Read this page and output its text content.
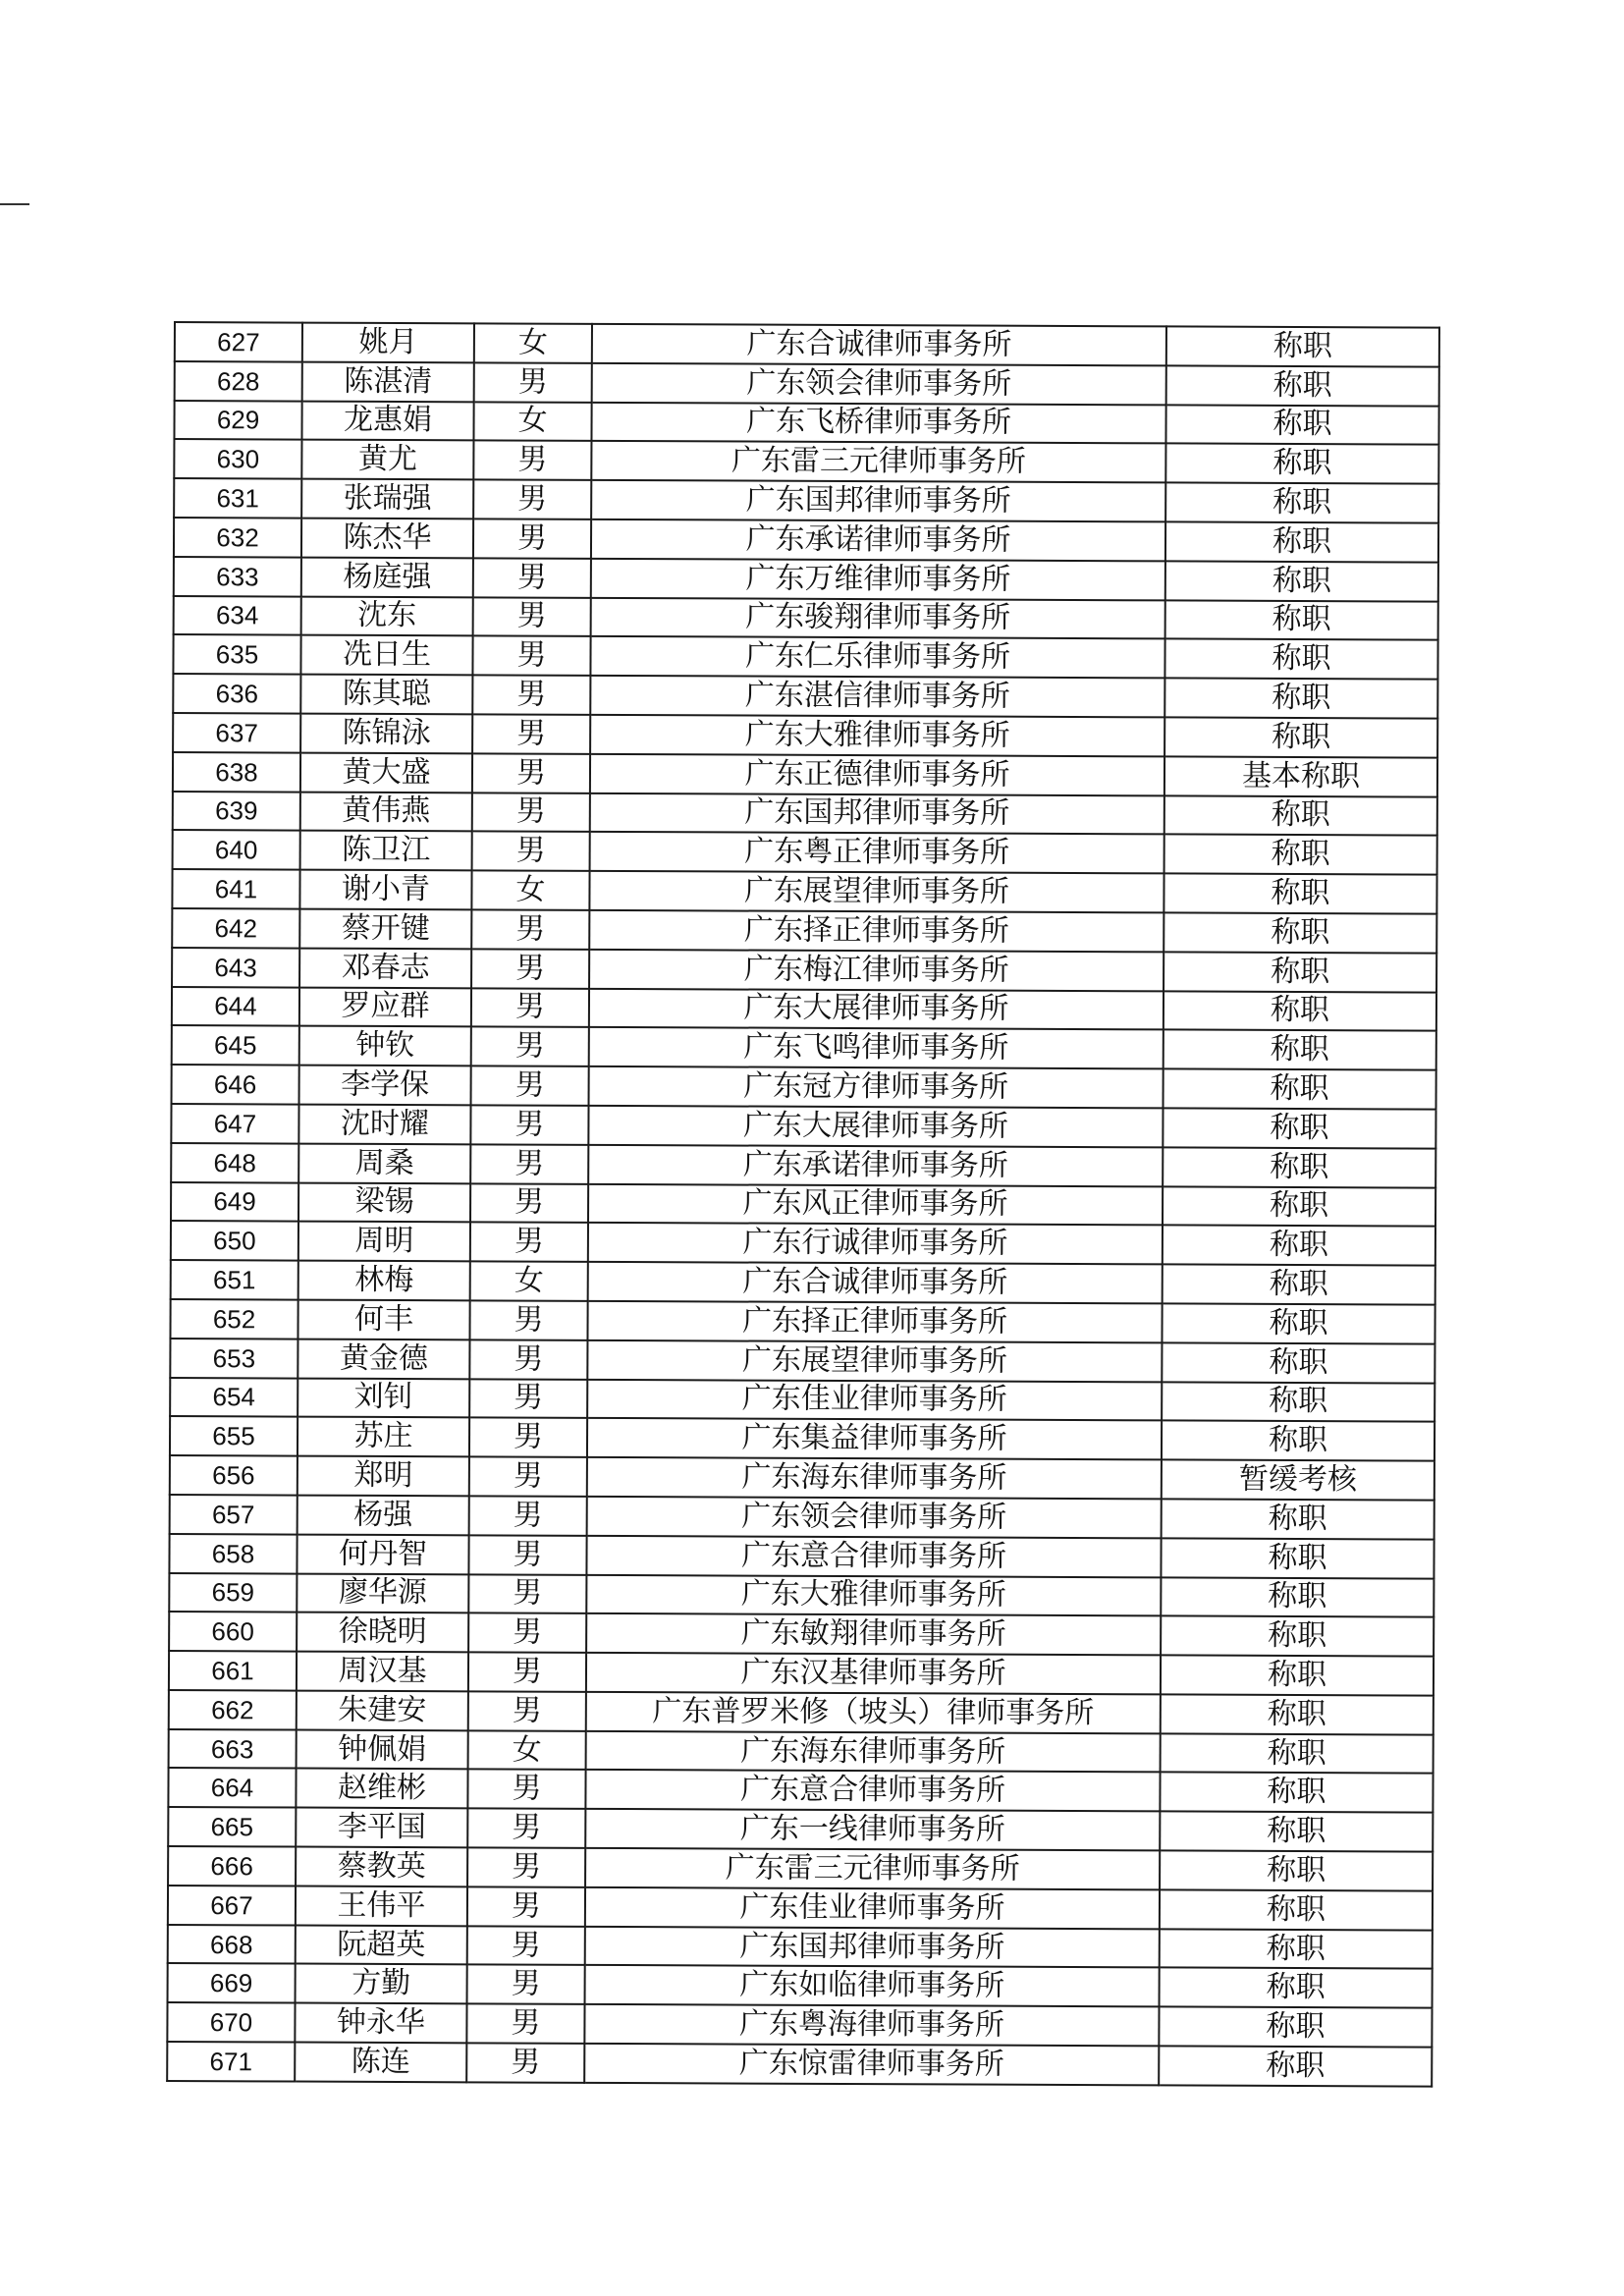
627	姚月	女	广东合诚律师事务所	称职
628	陈湛清	男	广东领会律师事务所	称职
629	龙惠娟	女	广东飞桥律师事务所	称职
630	黄尤	男	广东雷三元律师事务所	称职
631	张瑞强	男	广东国邦律师事务所	称职
632	陈杰华	男	广东承诺律师事务所	称职
633	杨庭强	男	广东万维律师事务所	称职
634	沈东	男	广东骏翔律师事务所	称职
635	冼日生	男	广东仁乐律师事务所	称职
636	陈其聪	男	广东湛信律师事务所	称职
637	陈锦泳	男	广东大雅律师事务所	称职
638	黄大盛	男	广东正德律师事务所	基本称职
639	黄伟燕	男	广东国邦律师事务所	称职
640	陈卫江	男	广东粤正律师事务所	称职
641	谢小青	女	广东展望律师事务所	称职
642	蔡开键	男	广东择正律师事务所	称职
643	邓春志	男	广东梅江律师事务所	称职
644	罗应群	男	广东大展律师事务所	称职
645	钟钦	男	广东飞鸣律师事务所	称职
646	李学保	男	广东冠方律师事务所	称职
647	沈时耀	男	广东大展律师事务所	称职
648	周桑	男	广东承诺律师事务所	称职
649	梁锡	男	广东风正律师事务所	称职
650	周明	男	广东行诚律师事务所	称职
651	林梅	女	广东合诚律师事务所	称职
652	何丰	男	广东择正律师事务所	称职
653	黄金德	男	广东展望律师事务所	称职
654	刘钊	男	广东佳业律师事务所	称职
655	苏庄	男	广东集益律师事务所	称职
656	郑明	男	广东海东律师事务所	暂缓考核
657	杨强	男	广东领会律师事务所	称职
658	何丹智	男	广东意合律师事务所	称职
659	廖华源	男	广东大雅律师事务所	称职
660	徐晓明	男	广东敏翔律师事务所	称职
661	周汉基	男	广东汉基律师事务所	称职
662	朱建安	男	广东普罗米修（坡头）律师事务所	称职
663	钟佩娟	女	广东海东律师事务所	称职
664	赵维彬	男	广东意合律师事务所	称职
665	李平国	男	广东一线律师事务所	称职
666	蔡教英	男	广东雷三元律师事务所	称职
667	王伟平	男	广东佳业律师事务所	称职
668	阮超英	男	广东国邦律师事务所	称职
669	方勤	男	广东如临律师事务所	称职
670	钟永华	男	广东粤海律师事务所	称职
671	陈连	男	广东惊雷律师事务所	称职
